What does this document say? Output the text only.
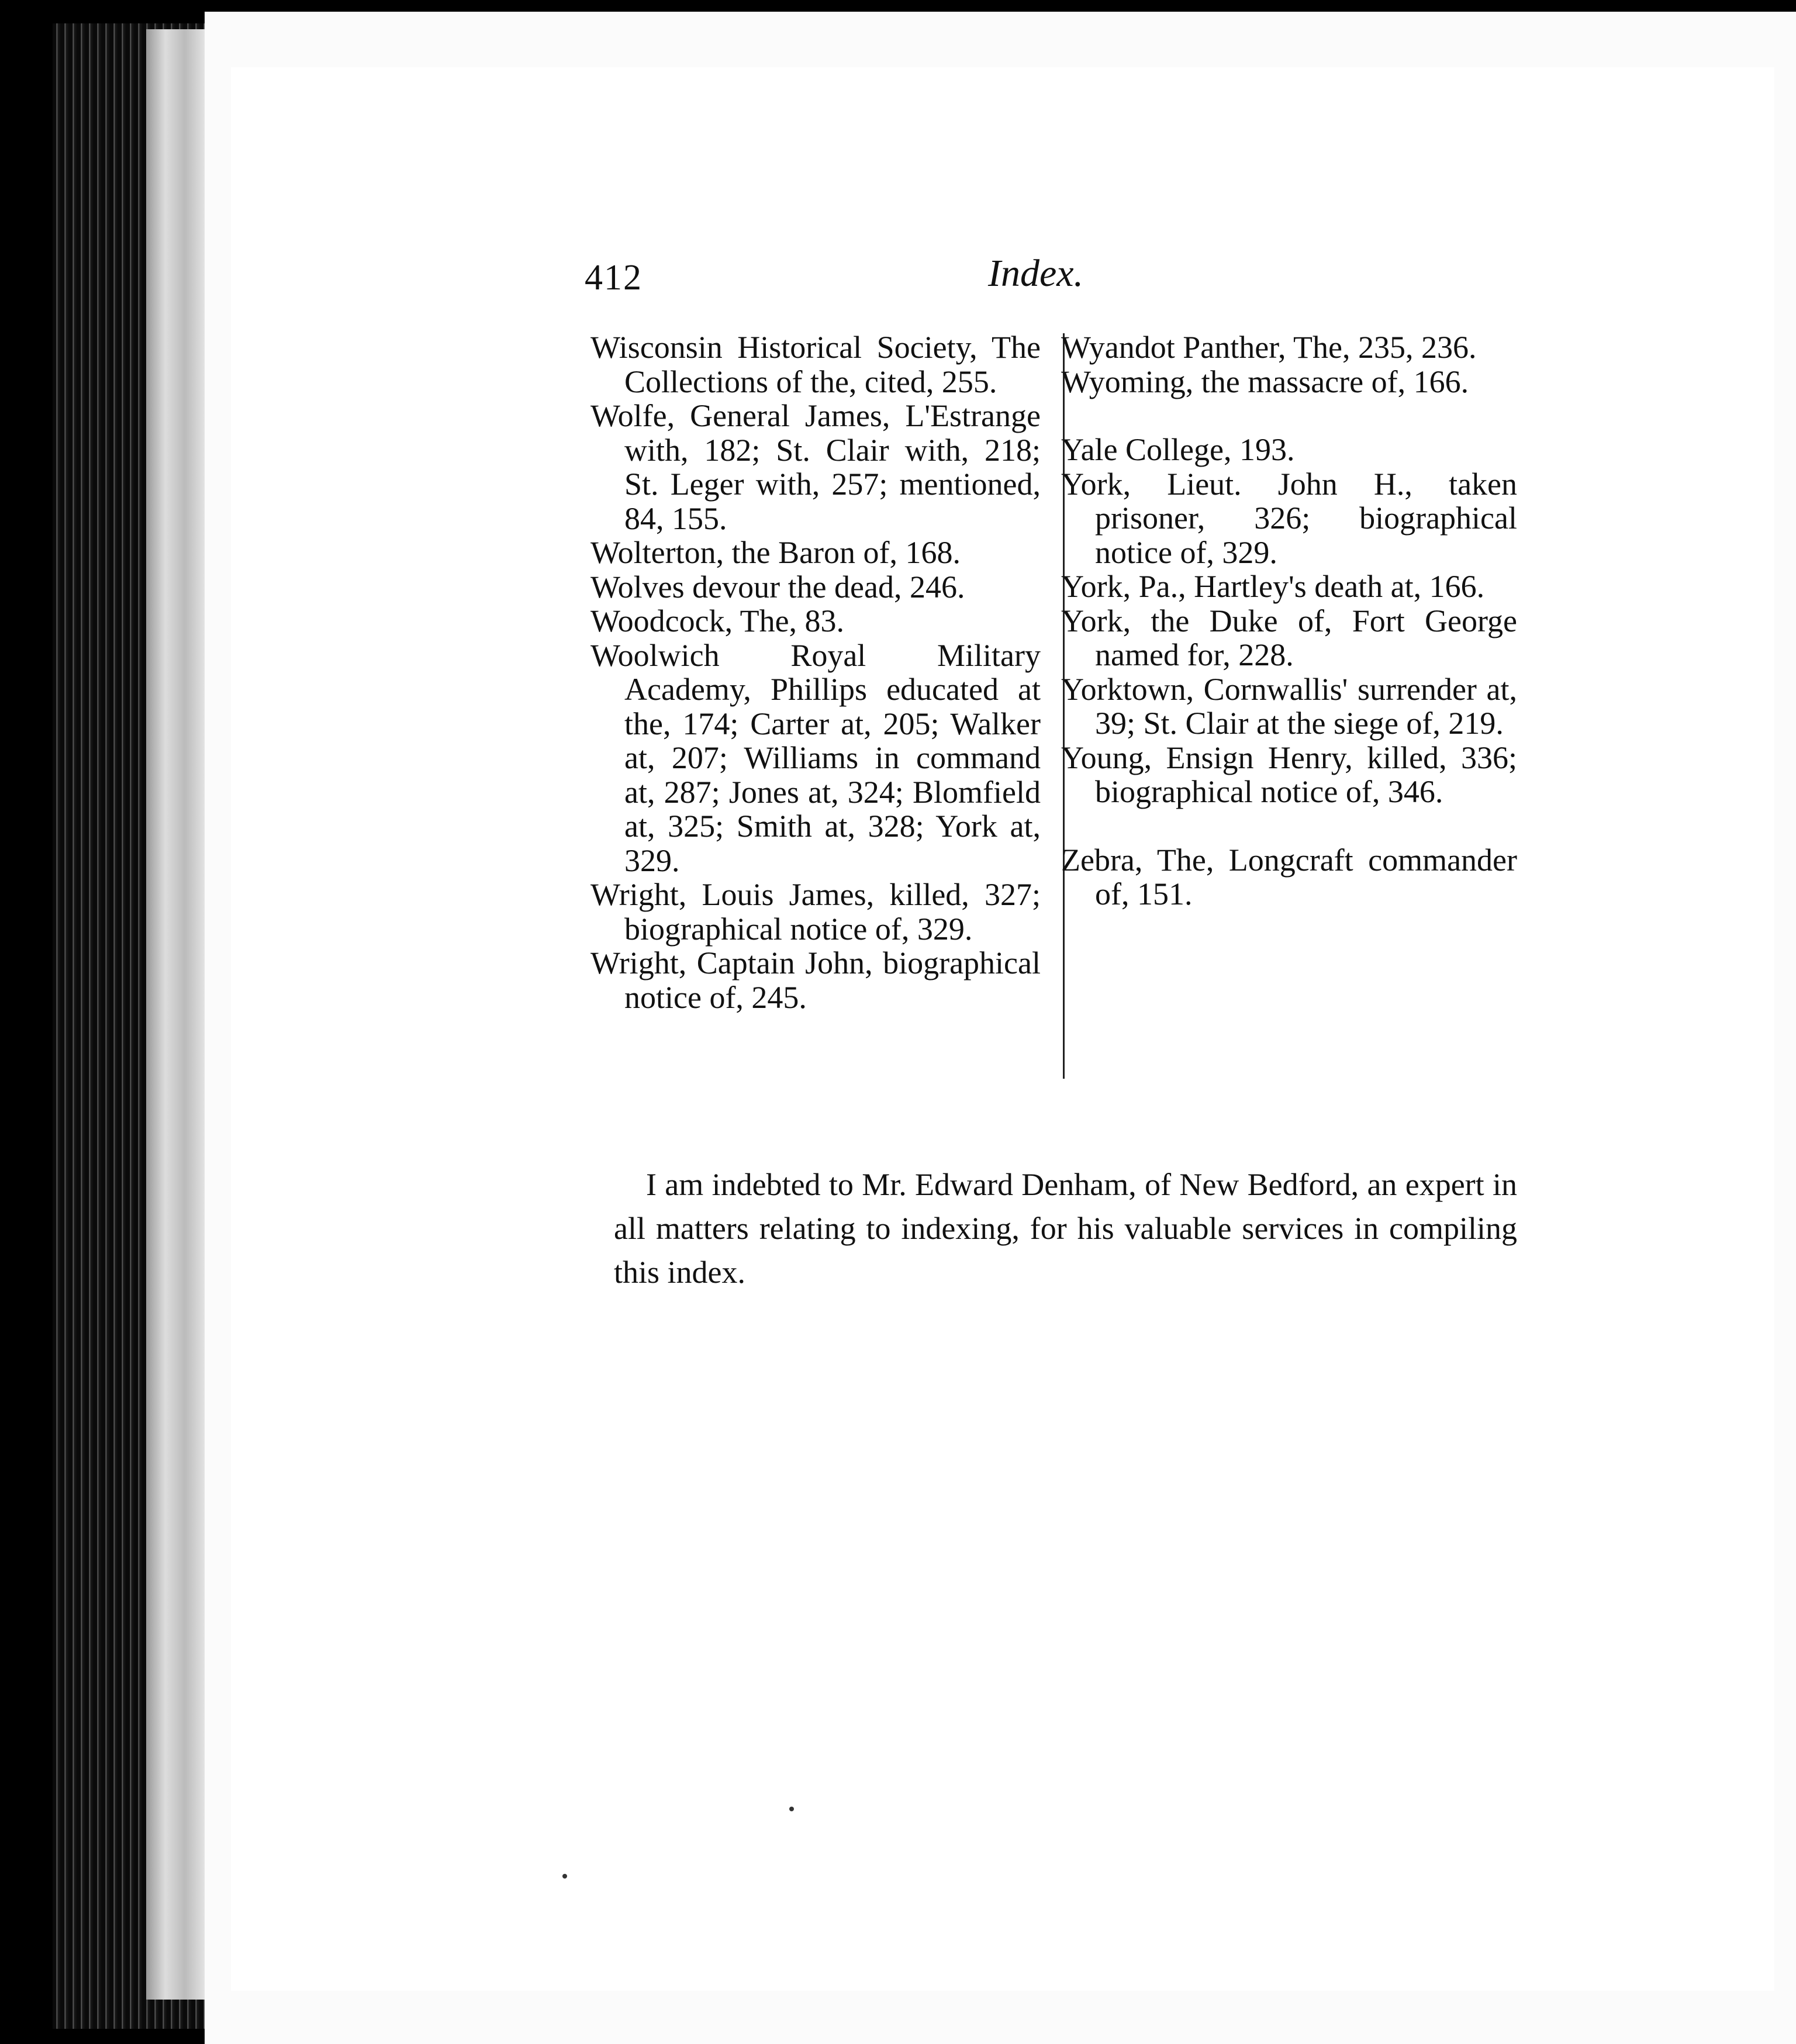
412	Index.

Wisconsin Historical Society, The Collections of the, cited, 255.

Wolfe, General James, L'Estrange with, 182; St. Clair with, 218; St. Leger with, 257; mentioned, 84, 155.

Wolterton, the Baron of, 168.

Wolves devour the dead, 246.

Woodcock, The, 83.

Woolwich Royal Military Academy, Phillips educated at the, 174; Carter at, 205; Walker at, 207; Williams in command at, 287; Jones at, 324; Blomfield at, 325; Smith at, 328; York at, 329.

Wright, Louis James, killed, 327; biographical notice of, 329.

Wright, Captain John, biographical notice of, 245.

Wyandot Panther, The, 235, 236.

Wyoming, the massacre of, 166.

Yale College, 193.

York, Lieut. John H., taken prisoner, 326; biographical notice of, 329.

York, Pa., Hartley's death at, 166.

York, the Duke of, Fort George named for, 228.

Yorktown, Cornwallis' surrender at, 39; St. Clair at the siege of, 219.

Young, Ensign Henry, killed, 336; biographical notice of, 346.

Zebra, The, Longcraft commander of, 151.

I am indebted to Mr. Edward Denham, of New Bedford, an expert in all matters relating to indexing, for his valuable services in compiling this index.
